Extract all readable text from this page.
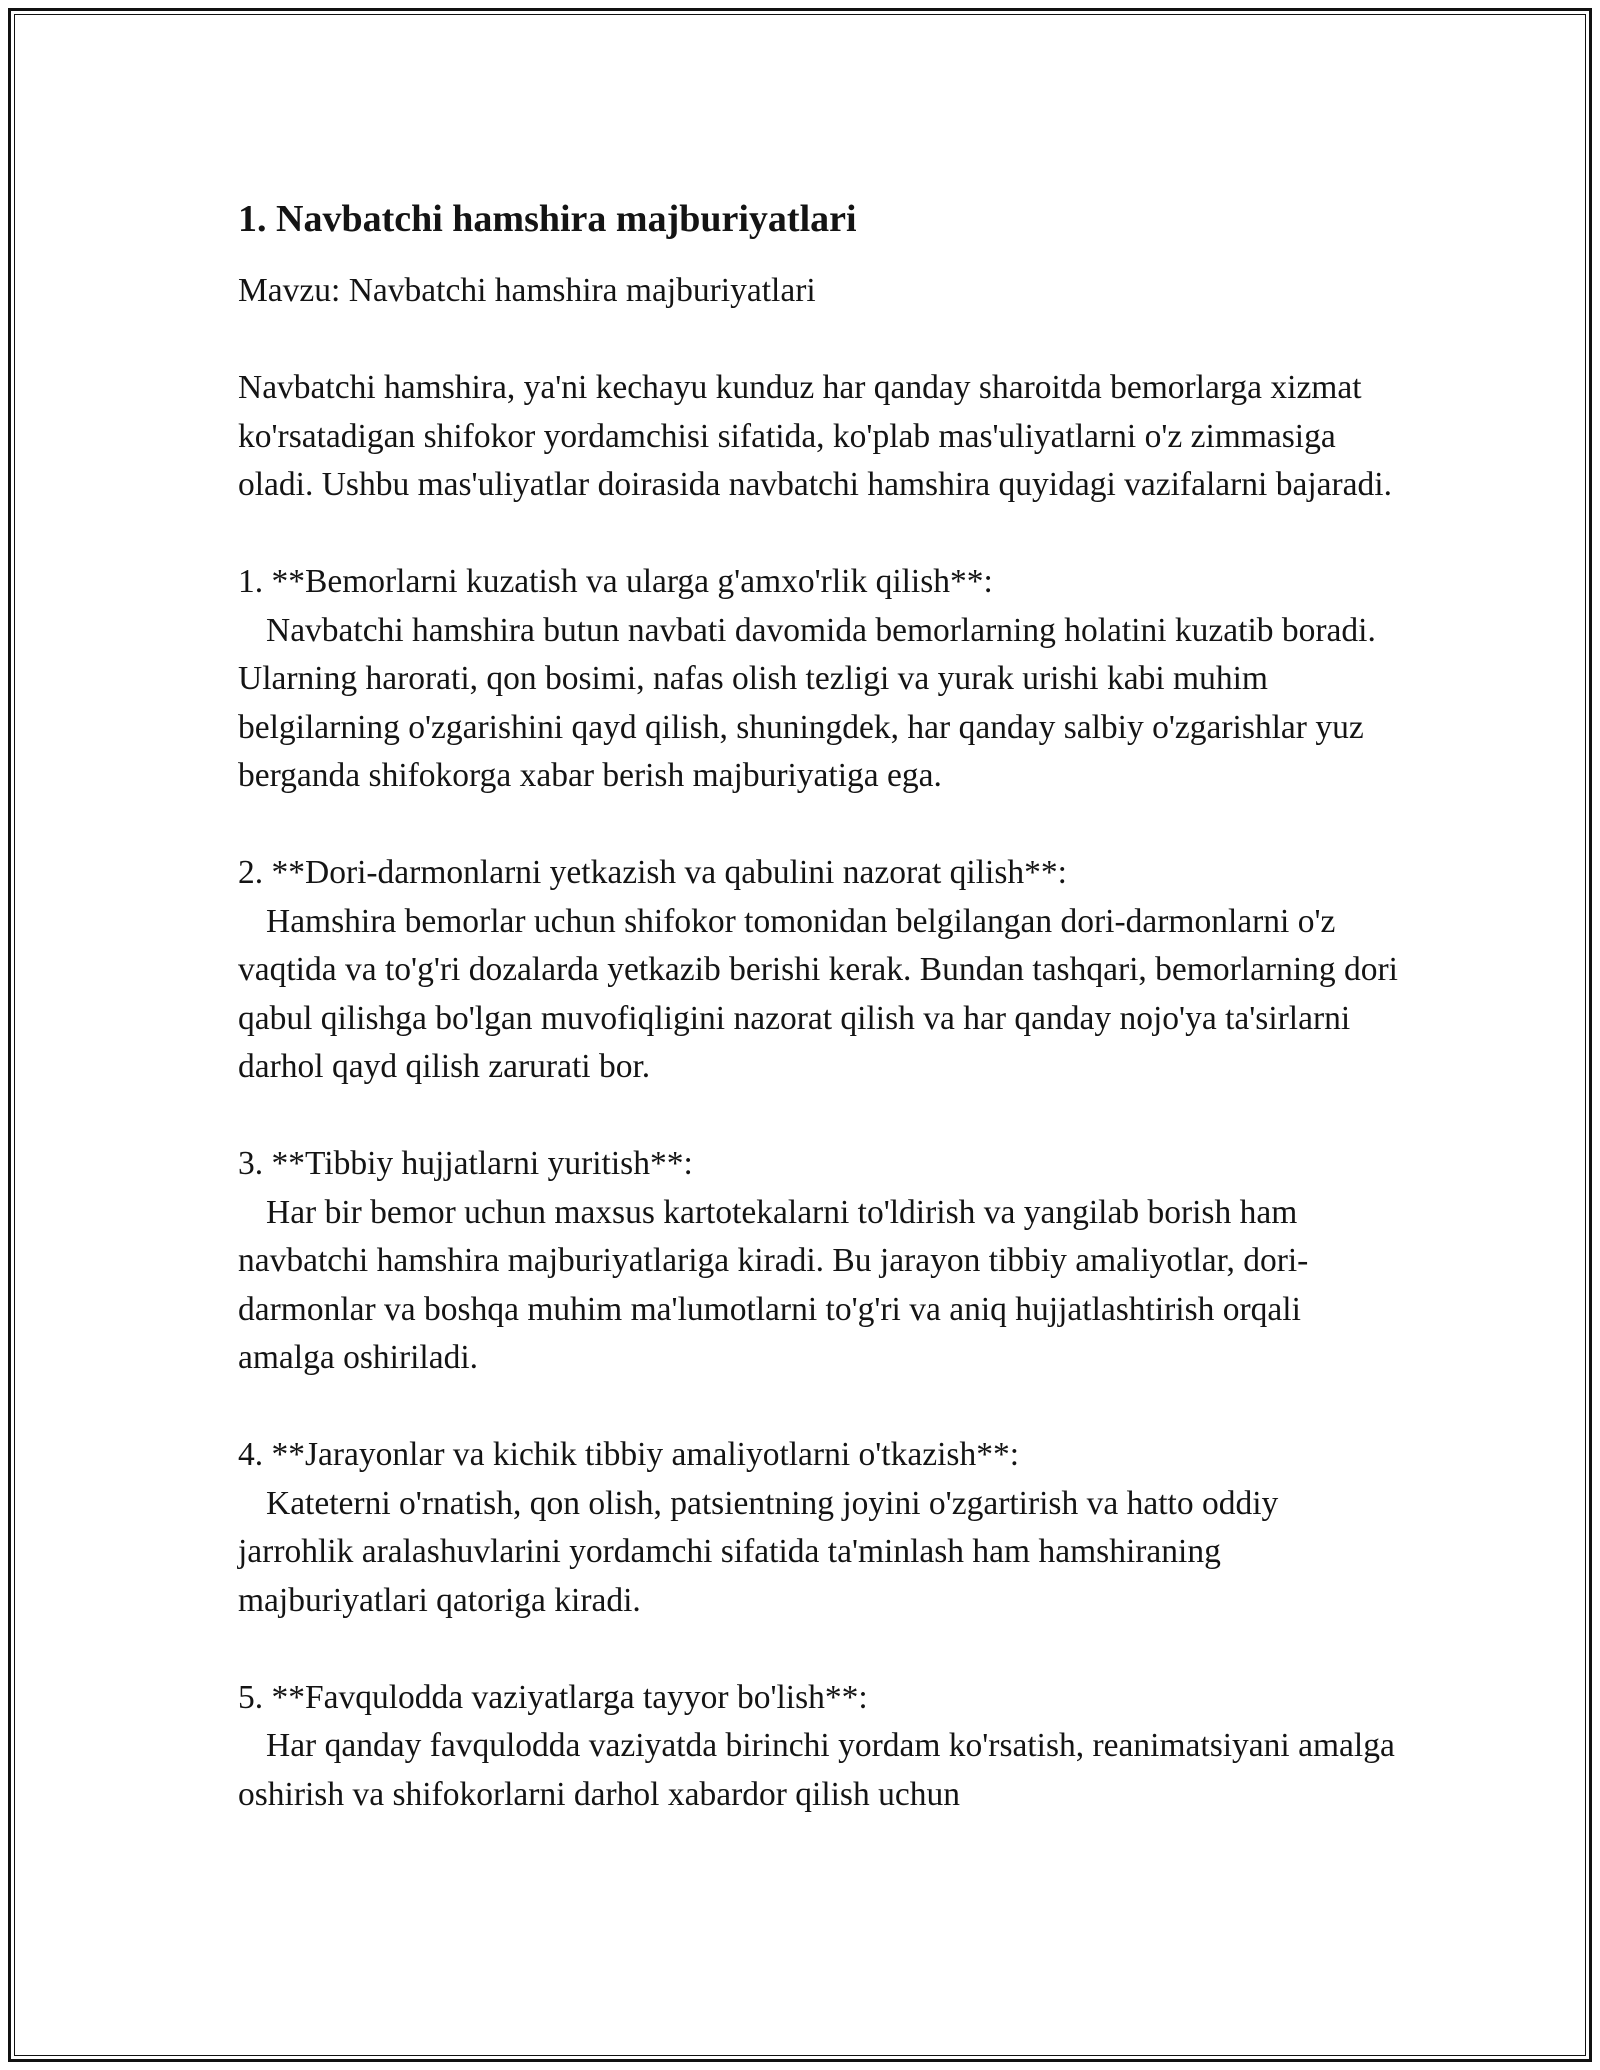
1. Navbatchi hamshira majburiyatlari

Mavzu: Navbatchi hamshira majburiyatlari

Navbatchi hamshira, ya'ni kechayu kunduz har qanday sharoitda bemorlarga xizmat ko'rsatadigan shifokor yordamchisi sifatida, ko'plab mas'uliyatlarni o'z zimmasiga oladi. Ushbu mas'uliyatlar doirasida navbatchi hamshira quyidagi vazifalarni bajaradi.

1. **Bemorlarni kuzatish va ularga g'amxo'rlik qilish**:

Navbatchi hamshira butun navbati davomida bemorlarning holatini kuzatib boradi. Ularning harorati, qon bosimi, nafas olish tezligi va yurak urishi kabi muhim belgilarning o'zgarishini qayd qilish, shuningdek, har qanday salbiy o'zgarishlar yuz berganda shifokorga xabar berish majburiyatiga ega.

2. **Dori-darmonlarni yetkazish va qabulini nazorat qilish**:

Hamshira bemorlar uchun shifokor tomonidan belgilangan dori-darmonlarni o'z vaqtida va to'g'ri dozalarda yetkazib berishi kerak. Bundan tashqari, bemorlarning dori qabul qilishga bo'lgan muvofiqligini nazorat qilish va har qanday nojo'ya ta'sirlarni darhol qayd qilish zarurati bor.

3. **Tibbiy hujjatlarni yuritish**:

Har bir bemor uchun maxsus kartotekalarni to'ldirish va yangilab borish ham navbatchi hamshira majburiyatlariga kiradi. Bu jarayon tibbiy amaliyotlar, dori-darmonlar va boshqa muhim ma'lumotlarni to'g'ri va aniq hujjatlashtirish orqali amalga oshiriladi.

4. **Jarayonlar va kichik tibbiy amaliyotlarni o'tkazish**:

Kateterni o'rnatish, qon olish, patsientning joyini o'zgartirish va hatto oddiy jarrohlik aralashuvlarini yordamchi sifatida ta'minlash ham hamshiraning majburiyatlari qatoriga kiradi.

5. **Favqulodda vaziyatlarga tayyor bo'lish**:

Har qanday favqulodda vaziyatda birinchi yordam ko'rsatish, reanimatsiyani amalga oshirish va shifokorlarni darhol xabardor qilish uchun
